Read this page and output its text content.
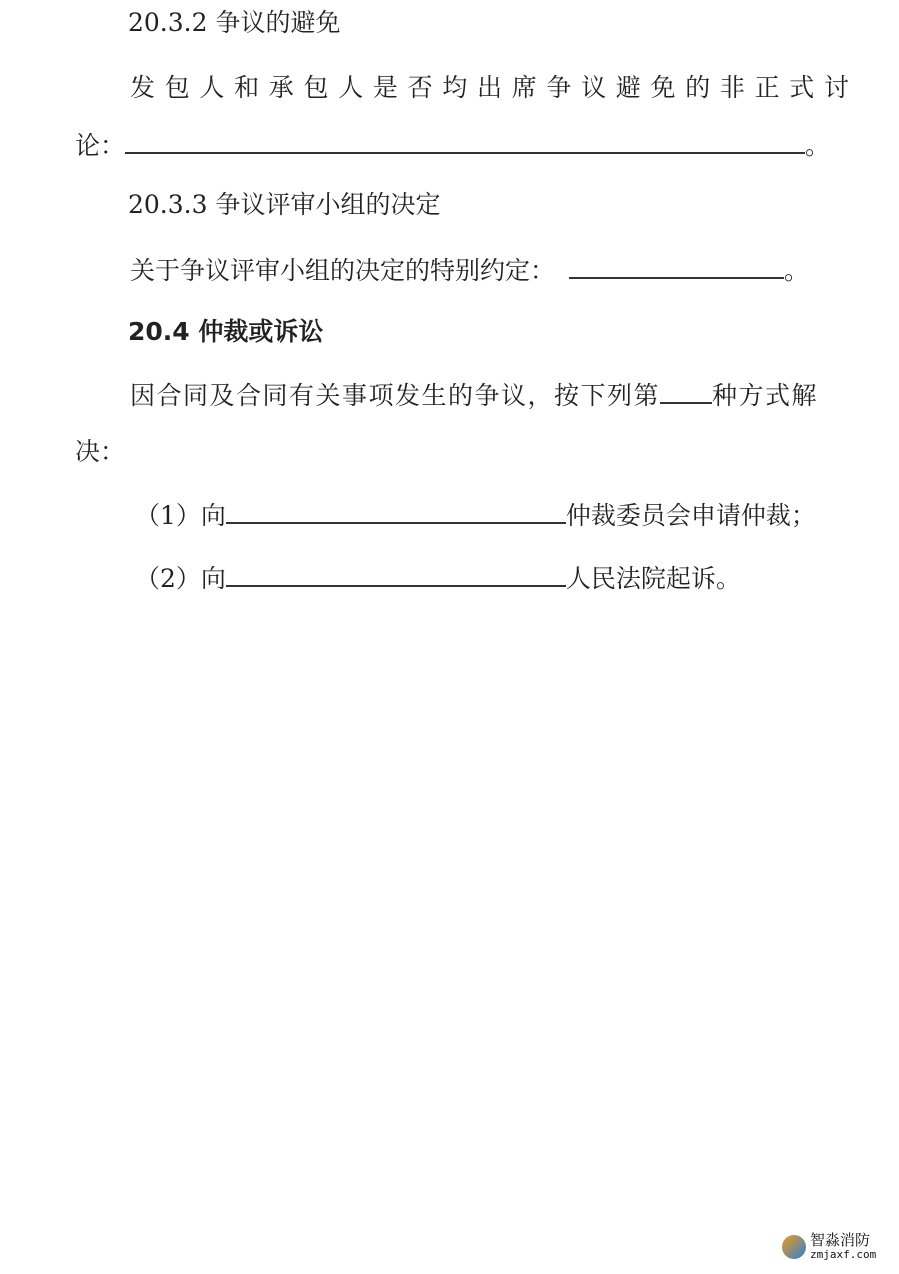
20.3.2 争议的避免
发包人和承包人是否均出席争议避免的非正式讨
论：	。
20.3.3 争议评审小组的决定
关于争议评审小组的决定的特别约定：	。
20.4 仲裁或诉讼
因合同及合同有关事项发生的争议，按下列第 种方式解
决：
（1）向	仲裁委员会申请仲裁；
（2）向	人民法院起诉。
智淼消防
zmjaxf.com
